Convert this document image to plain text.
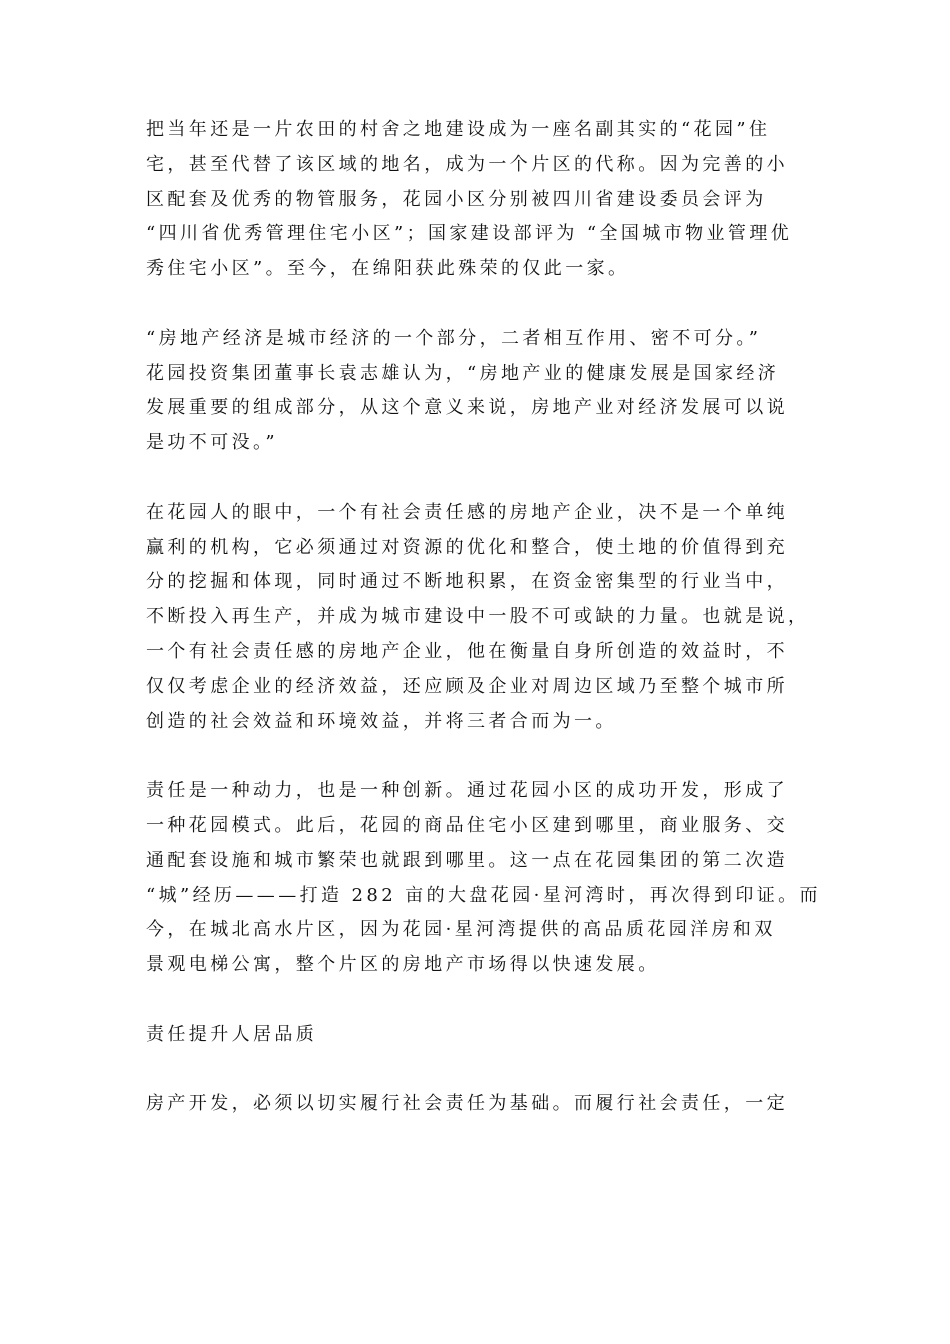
把当年还是一片农田的村舍之地建设成为一座名副其实的“花园”住
宅，甚至代替了该区域的地名，成为一个片区的代称。因为完善的小
区配套及优秀的物管服务，花园小区分别被四川省建设委员会评为
“四川省优秀管理住宅小区”；国家建设部评为 “全国城市物业管理优
秀住宅小区”。至今，在绵阳获此殊荣的仅此一家。
“房地产经济是城市经济的一个部分，二者相互作用、密不可分。”
花园投资集团董事长袁志雄认为，“房地产业的健康发展是国家经济
发展重要的组成部分，从这个意义来说，房地产业对经济发展可以说
是功不可没。”
在花园人的眼中，一个有社会责任感的房地产企业，决不是一个单纯
赢利的机构，它必须通过对资源的优化和整合，使土地的价值得到充
分的挖掘和体现，同时通过不断地积累，在资金密集型的行业当中，
不断投入再生产，并成为城市建设中一股不可或缺的力量。也就是说，
一个有社会责任感的房地产企业，他在衡量自身所创造的效益时，不
仅仅考虑企业的经济效益，还应顾及企业对周边区域乃至整个城市所
创造的社会效益和环境效益，并将三者合而为一。
责任是一种动力，也是一种创新。通过花园小区的成功开发，形成了
一种花园模式。此后，花园的商品住宅小区建到哪里，商业服务、交
通配套设施和城市繁荣也就跟到哪里。这一点在花园集团的第二次造
“城”经历———打造 282 亩的大盘花园·星河湾时，再次得到印证。而
今，在城北高水片区，因为花园·星河湾提供的高品质花园洋房和双
景观电梯公寓，整个片区的房地产市场得以快速发展。
责任提升人居品质
房产开发，必须以切实履行社会责任为基础。而履行社会责任，一定
